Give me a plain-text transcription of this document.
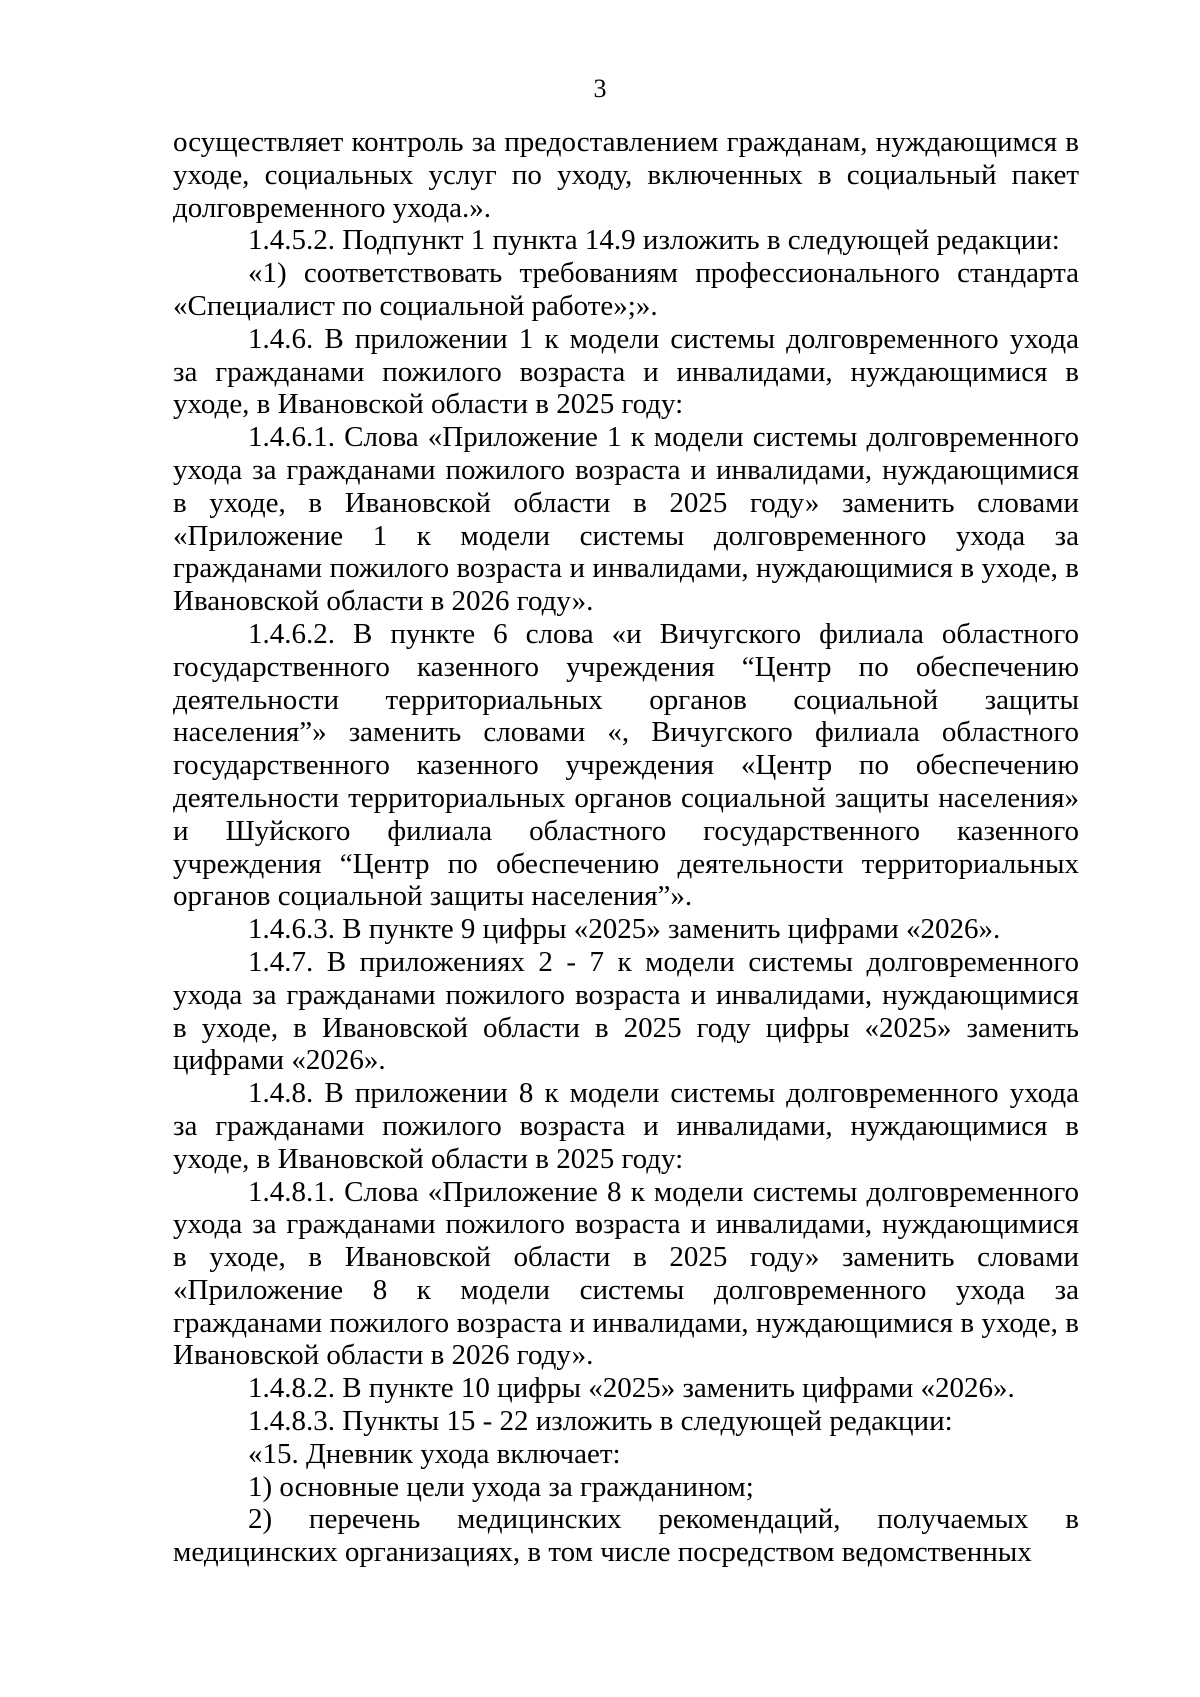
3

осуществляет контроль за предоставлением гражданам, нуждающимся в уходе, социальных услуг по уходу, включенных в социальный пакет долговременного ухода.».

1.4.5.2. Подпункт 1 пункта 14.9 изложить в следующей редакции:

«1) соответствовать требованиям профессионального стандарта «Специалист по социальной работе»;».

1.4.6. В приложении 1 к модели системы долговременного ухода за гражданами пожилого возраста и инвалидами, нуждающимися в уходе, в Ивановской области в 2025 году:

1.4.6.1. Слова «Приложение 1 к модели системы долговременного ухода за гражданами пожилого возраста и инвалидами, нуждающимися в уходе, в Ивановской области в 2025 году» заменить словами «Приложение 1 к модели системы долговременного ухода за гражданами пожилого возраста и инвалидами, нуждающимися в уходе, в Ивановской области в 2026 году».

1.4.6.2. В пункте 6 слова «и Вичугского филиала областного государственного казенного учреждения “Центр по обеспечению деятельности территориальных органов социальной защиты населения”» заменить словами «, Вичугского филиала областного государственного казенного учреждения «Центр по обеспечению деятельности территориальных органов социальной защиты населения» и Шуйского филиала областного государственного казенного учреждения “Центр по обеспечению деятельности территориальных органов социальной защиты населения”».

1.4.6.3. В пункте 9 цифры «2025» заменить цифрами «2026».

1.4.7. В приложениях 2 - 7 к модели системы долговременного ухода за гражданами пожилого возраста и инвалидами, нуждающимися в уходе, в Ивановской области в 2025 году цифры «2025» заменить цифрами «2026».

1.4.8. В приложении 8 к модели системы долговременного ухода за гражданами пожилого возраста и инвалидами, нуждающимися в уходе, в Ивановской области в 2025 году:

1.4.8.1. Слова «Приложение 8 к модели системы долговременного ухода за гражданами пожилого возраста и инвалидами, нуждающимися в уходе, в Ивановской области в 2025 году» заменить словами «Приложение 8 к модели системы долговременного ухода за гражданами пожилого возраста и инвалидами, нуждающимися в уходе, в Ивановской области в 2026 году».

1.4.8.2. В пункте 10 цифры «2025» заменить цифрами «2026».

1.4.8.3. Пункты 15 - 22 изложить в следующей редакции:

«15. Дневник ухода включает:

1) основные цели ухода за гражданином;

2) перечень медицинских рекомендаций, получаемых в медицинских организациях, в том числе посредством ведомственных
